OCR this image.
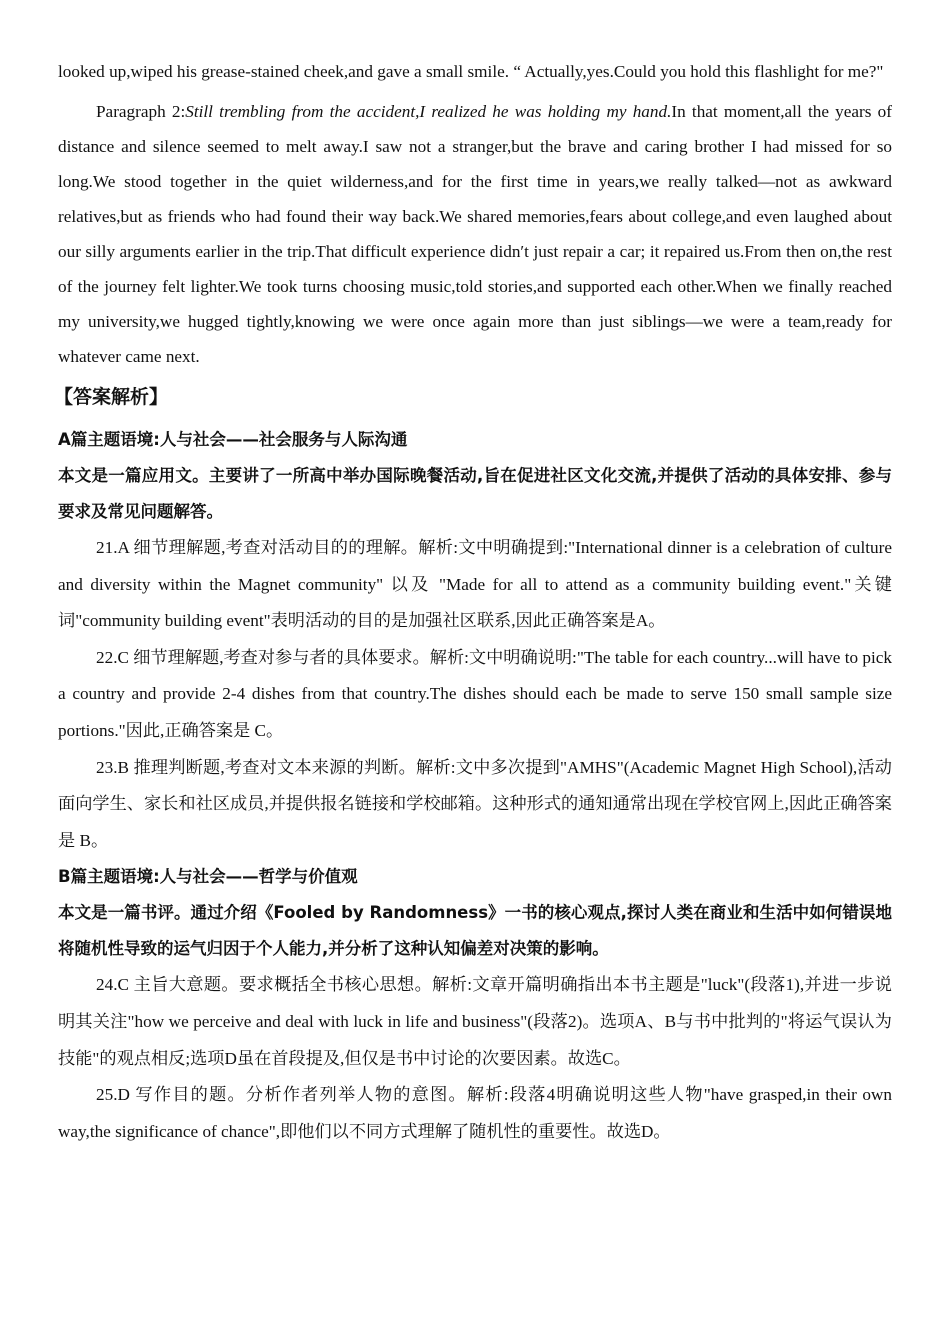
looked up,wiped his grease-stained cheek,and gave a small smile. “ Actually,yes.Could you hold this flashlight for me?"

Paragraph 2:Still trembling from the accident,I realized he was holding my hand.In that moment,all the years of distance and silence seemed to melt away.I saw not a stranger,but the brave and caring brother I had missed for so long.We stood together in the quiet wilderness,and for the first time in years,we really talked—not as awkward relatives,but as friends who had found their way back.We shared memories,fears about college,and even laughed about our silly arguments earlier in the trip.That difficult experience didnʹt just repair a car; it repaired us.From then on,the rest of the journey felt lighter.We took turns choosing music,told stories,and supported each other.When we finally reached my university,we hugged tightly,knowing we were once again more than just siblings—we were a team,ready for whatever came next.

【答案解析】
A篇主题语境:人与社会——社会服务与人际沟通
本文是一篇应用文。主要讲了一所高中举办国际晚餐活动,旨在促进社区文化交流,并提供了活动的具体安排、参与要求及常见问题解答。

21.A 细节理解题,考查对活动目的的理解。解析:文中明确提到:"International dinner is a celebration of culture and diversity within the Magnet community" 以及 "Made for all to attend as a community building event."关键词"community building event"表明活动的目的是加强社区联系,因此正确答案是A。

22.C 细节理解题,考查对参与者的具体要求。解析:文中明确说明:"The table for each country...will have to pick a country and provide 2-4 dishes from that country.The dishes should each be made to serve 150 small sample size portions."因此,正确答案是 C。

23.B 推理判断题,考查对文本来源的判断。解析:文中多次提到"AMHS"(Academic Magnet High School),活动面向学生、家长和社区成员,并提供报名链接和学校邮箱。这种形式的通知通常出现在学校官网上,因此正确答案是 B。

B篇主题语境:人与社会——哲学与价值观
本文是一篇书评。通过介绍《Fooled by Randomness》一书的核心观点,探讨人类在商业和生活中如何错误地将随机性导致的运气归因于个人能力,并分析了这种认知偏差对决策的影响。

24.C 主旨大意题。要求概括全书核心思想。解析:文章开篇明确指出本书主题是"luck"(段落1),并进一步说明其关注"how we perceive and deal with luck in life and business"(段落2)。选项A、B与书中批判的"将运气误认为技能"的观点相反;选项D虽在首段提及,但仅是书中讨论的次要因素。故选C。

25.D 写作目的题。分析作者列举人物的意图。解析:段落4明确说明这些人物"have grasped,in their own way,the significance of chance",即他们以不同方式理解了随机性的重要性。故选D。
